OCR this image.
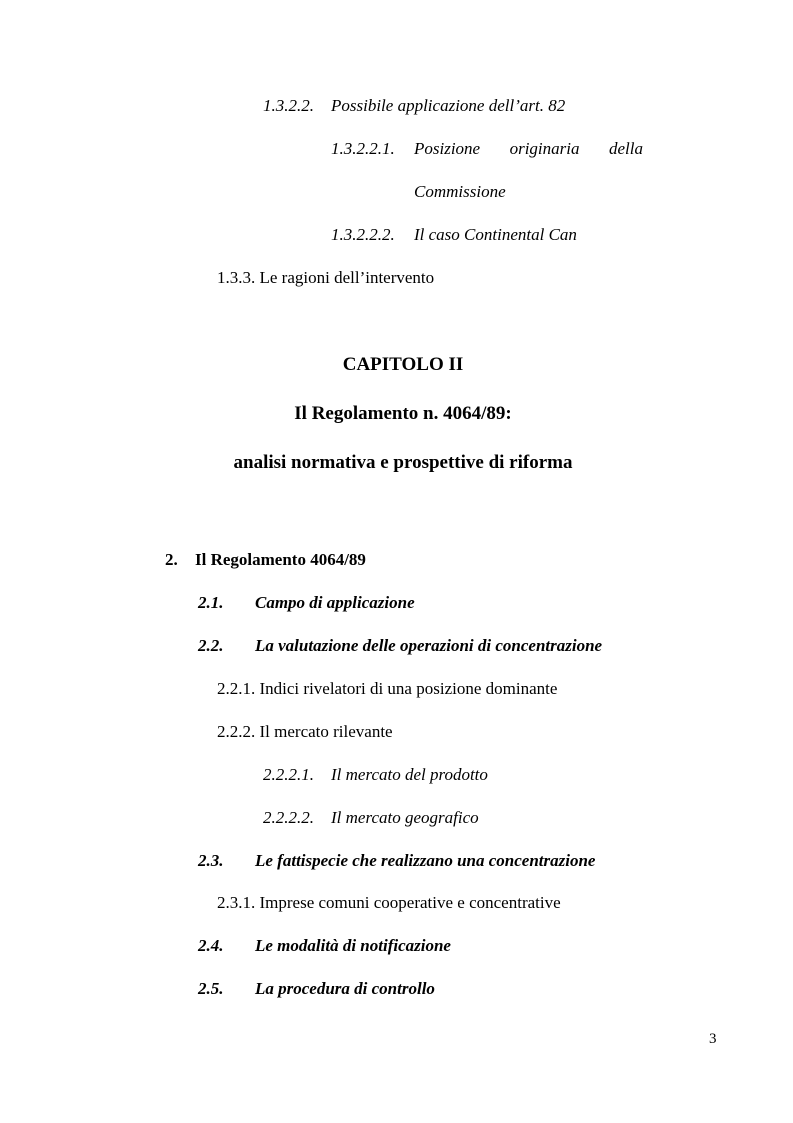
1.3.2.2. Possibile applicazione dell’art. 82
1.3.2.2.1. Posizione originaria della
Commissione
1.3.2.2.2. Il caso Continental Can
1.3.3. Le ragioni dell’intervento
CAPITOLO II
Il Regolamento n. 4064/89:
analisi normativa e prospettive di riforma
2. Il Regolamento 4064/89
2.1. Campo di applicazione
2.2. La valutazione delle operazioni di concentrazione
2.2.1. Indici rivelatori di una posizione dominante
2.2.2. Il mercato rilevante
2.2.2.1. Il mercato del prodotto
2.2.2.2. Il mercato geografico
2.3. Le fattispecie che realizzano una concentrazione
2.3.1. Imprese comuni cooperative e concentrative
2.4. Le modalità di notificazione
2.5. La procedura di controllo
3
